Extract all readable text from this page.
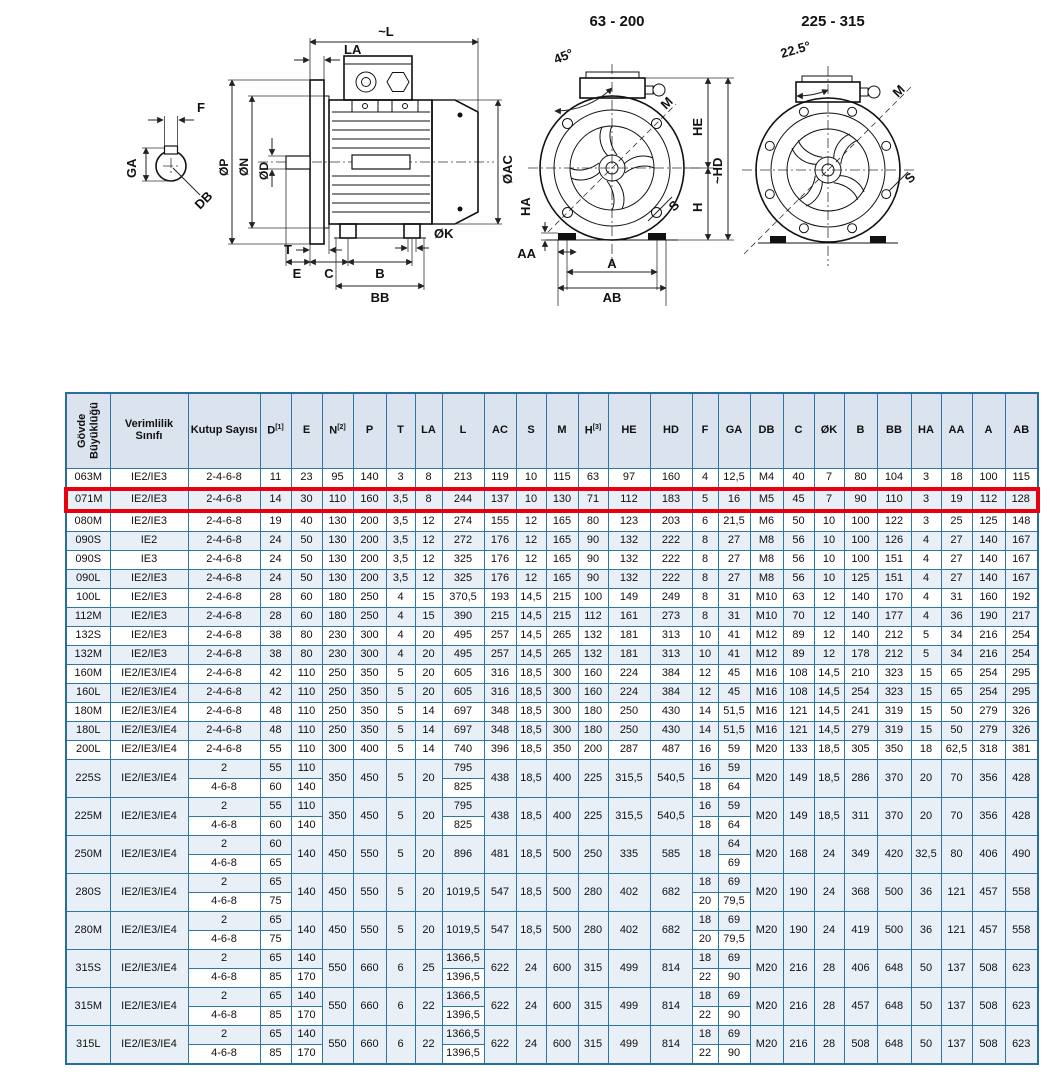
F
GA
DB
~L
LA
ØP ØN ØD	ØAC
T
E C	B
BB
ØK
63 - 200
45°
M
S
HE
H
~HD
HA
AA
A
AB
225 - 315
22.5°
M
S
Gövde Büyüklüğü	Verimlilik Sınıfı	Kutup Sayısı	D[1]	E	N[2]	P	T	LA	L	AC	S	M	H[3]	HE	HD	F	GA	DB	C	ØK	B	BB	HA	AA	A	AB
063M	IE2/IE3	2-4-6-8	11	23	95	140	3	8	213	119	10	115	63	97	160	4	12,5	M4	40	7	80	104	3	18	100	115
071M	IE2/IE3	2-4-6-8	14	30	110	160	3,5	8	244	137	10	130	71	112	183	5	16	M5	45	7	90	110	3	19	112	128
080M	IE2/IE3	2-4-6-8	19	40	130	200	3,5	12	274	155	12	165	80	123	203	6	21,5	M6	50	10	100	122	3	25	125	148
090S	IE2	2-4-6-8	24	50	130	200	3,5	12	272	176	12	165	90	132	222	8	27	M8	56	10	100	126	4	27	140	167
090S	IE3	2-4-6-8	24	50	130	200	3,5	12	325	176	12	165	90	132	222	8	27	M8	56	10	100	151	4	27	140	167
090L	IE2/IE3	2-4-6-8	24	50	130	200	3,5	12	325	176	12	165	90	132	222	8	27	M8	56	10	125	151	4	27	140	167
100L	IE2/IE3	2-4-6-8	28	60	180	250	4	15	370,5	193	14,5	215	100	149	249	8	31	M10	63	12	140	170	4	31	160	192
112M	IE2/IE3	2-4-6-8	28	60	180	250	4	15	390	215	14,5	215	112	161	273	8	31	M10	70	12	140	177	4	36	190	217
132S	IE2/IE3	2-4-6-8	38	80	230	300	4	20	495	257	14,5	265	132	181	313	10	41	M12	89	12	140	212	5	34	216	254
132M	IE2/IE3	2-4-6-8	38	80	230	300	4	20	495	257	14,5	265	132	181	313	10	41	M12	89	12	178	212	5	34	216	254
160M	IE2/IE3/IE4	2-4-6-8	42	110	250	350	5	20	605	316	18,5	300	160	224	384	12	45	M16	108	14,5	210	323	15	65	254	295
160L	IE2/IE3/IE4	2-4-6-8	42	110	250	350	5	20	605	316	18,5	300	160	224	384	12	45	M16	108	14,5	254	323	15	65	254	295
180M	IE2/IE3/IE4	2-4-6-8	48	110	250	350	5	14	697	348	18,5	300	180	250	430	14	51,5	M16	121	14,5	241	319	15	50	279	326
180L	IE2/IE3/IE4	2-4-6-8	48	110	250	350	5	14	697	348	18,5	300	180	250	430	14	51,5	M16	121	14,5	279	319	15	50	279	326
200L	IE2/IE3/IE4	2-4-6-8	55	110	300	400	5	14	740	396	18,5	350	200	287	487	16	59	M20	133	18,5	305	350	18	62,5	318	381
225S	IE2/IE3/IE4	2	55	110	350	450	5	20	795	438	18,5	400	225	315,5	540,5	16	59	M20	149	18,5	286	370	20	70	356	428
		4-6-8	60	140					825							18	64									
225M	IE2/IE3/IE4	2	55	110	350	450	5	20	795	438	18,5	400	225	315,5	540,5	16	59	M20	149	18,5	311	370	20	70	356	428
		4-6-8	60	140					825							18	64									
250M	IE2/IE3/IE4	2	60	140	450	550	5	20	896	481	18,5	500	250	335	585	18	64	M20	168	24	349	420	32,5	80	406	490
		4-6-8	65														69									
280S	IE2/IE3/IE4	2	65	140	450	550	5	20	1019,5	547	18,5	500	280	402	682	18	69	M20	190	24	368	500	36	121	457	558
		4-6-8	75													20	79,5									
280M	IE2/IE3/IE4	2	65	140	450	550	5	20	1019,5	547	18,5	500	280	402	682	18	69	M20	190	24	419	500	36	121	457	558
		4-6-8	75													20	79,5									
315S	IE2/IE3/IE4	2	65	140	550	660	6	25	1366,5	622	24	600	315	499	814	18	69	M20	216	28	406	648	50	137	508	623
		4-6-8	85	170					1396,5							22	90									
315M	IE2/IE3/IE4	2	65	140	550	660	6	22	1366,5	622	24	600	315	499	814	18	69	M20	216	28	457	648	50	137	508	623
		4-6-8	85	170					1396,5							22	90									
315L	IE2/IE3/IE4	2	65	140	550	660	6	22	1366,5	622	24	600	315	499	814	18	69	M20	216	28	508	648	50	137	508	623
		4-6-8	85	170					1396,5							22	90									
